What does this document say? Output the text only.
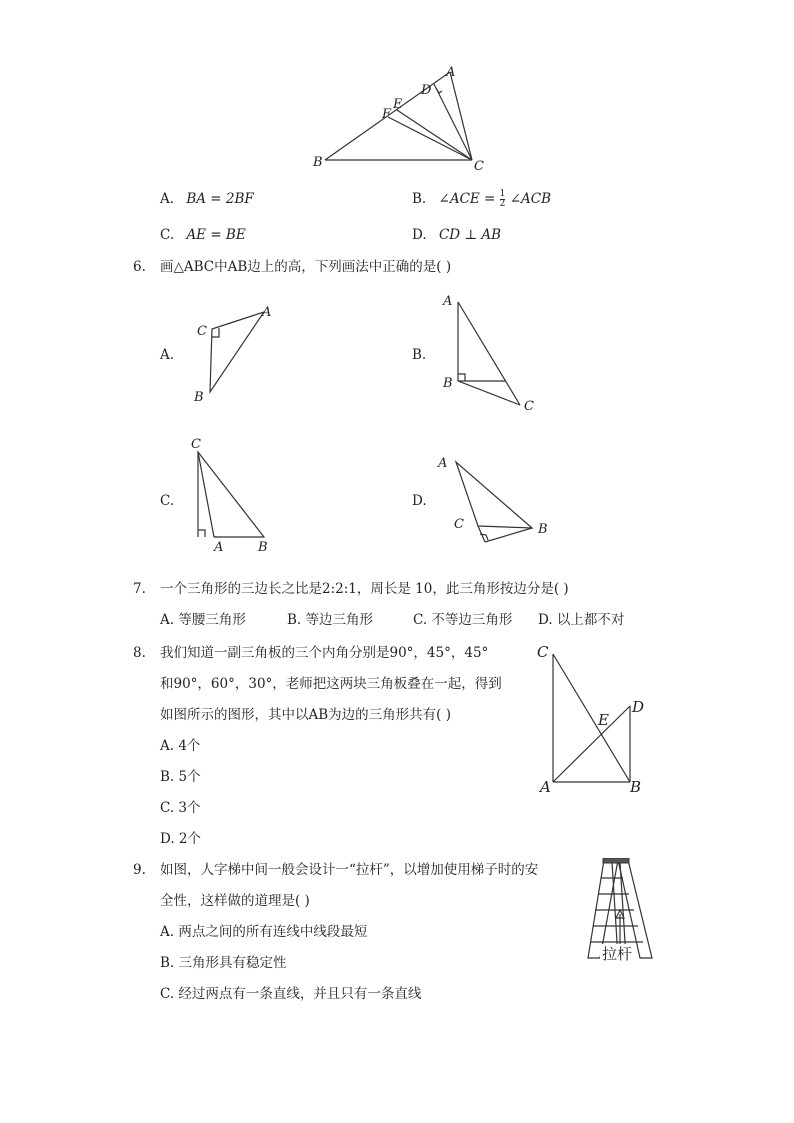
A
D
E
F
B	C
A. BA = 2BF	B. ∠ACE = $\frac{1}{2}$ ∠ACB
C. AE = BE	D. CD ⊥ AB
6. 画△ABC中AB边上的高，下列画法中正确的是( )
A.
C
A
B
B.
A
B
C
C.
C
A	B
D.
A
C	B
7. 一个三角形的三边长之比是2:2:1，周长是 10，此三角形按边分是( )
A. 等腰三角形	B. 等边三角形	C. 不等边三角形 D. 以上都不对
8. 我们知道一副三角板的三个内角分别是90°，45°，45°
和90°，60°，30°，老师把这两块三角板叠在一起，得到
如图所示的图形，其中以AB为边的三角形共有( )
A. 4个
B. 5个
C. 3个
D. 2个
C
E
D
A	B
9. 如图，人字梯中间一般会设计一“拉杆”，以增加使用梯子时的安
全性，这样做的道理是( )
A. 两点之间的所有连线中线段最短
B. 三角形具有稳定性
C. 经过两点有一条直线，并且只有一条直线
拉杆
